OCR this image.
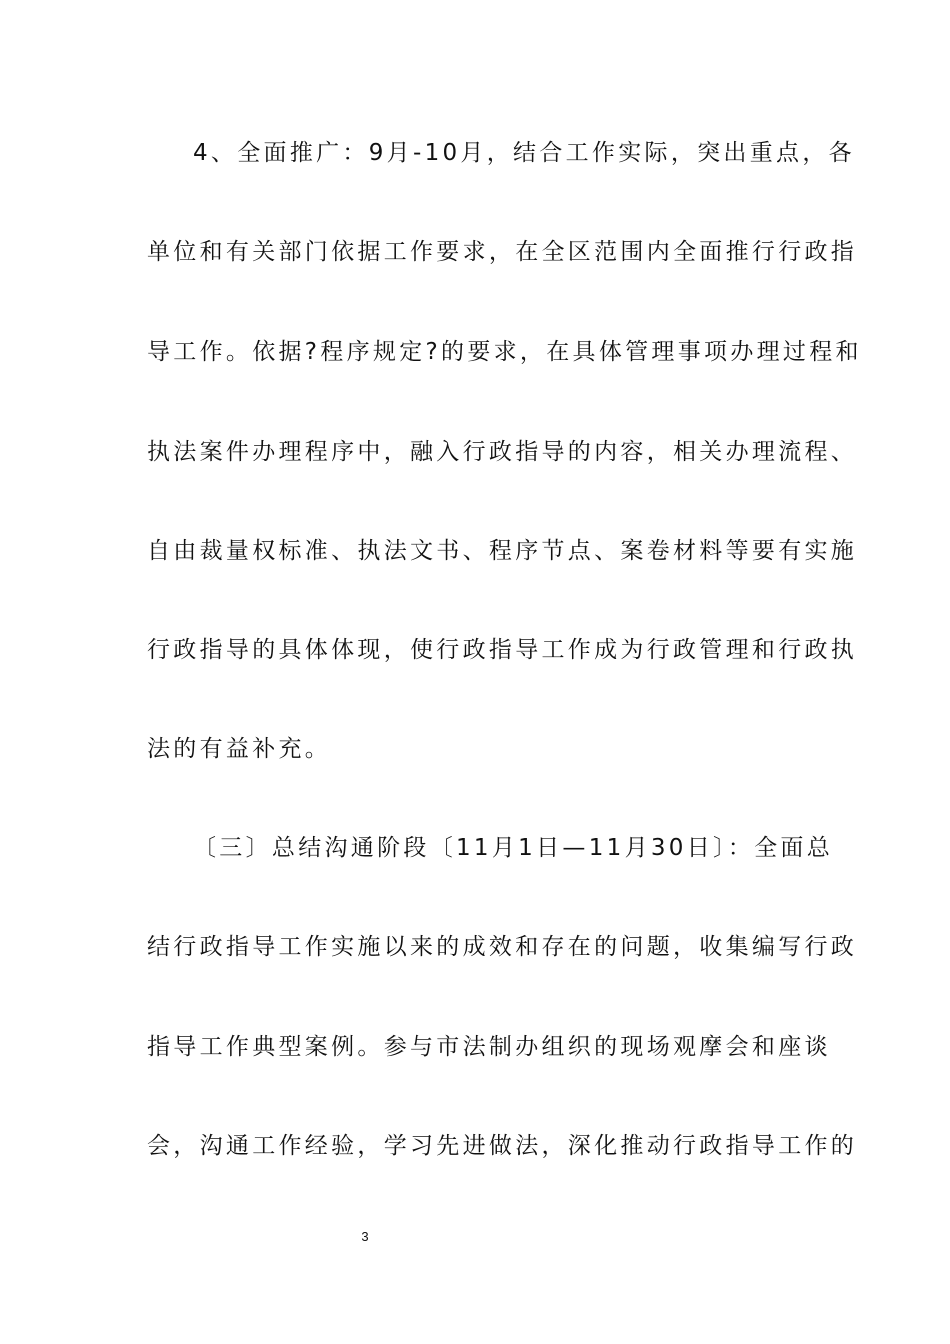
4、全面推广：9月-10月，结合工作实际，突出重点，各
单位和有关部门依据工作要求，在全区范围内全面推行行政指
导工作。依据?程序规定?的要求，在具体管理事项办理过程和
执法案件办理程序中，融入行政指导的内容，相关办理流程、
自由裁量权标准、执法文书、程序节点、案卷材料等要有实施
行政指导的具体体现，使行政指导工作成为行政管理和行政执
法的有益补充。
〔三〕总结沟通阶段〔11月1日—11月30日〕：全面总
结行政指导工作实施以来的成效和存在的问题，收集编写行政
指导工作典型案例。参与市法制办组织的现场观摩会和座谈
会，沟通工作经验，学习先进做法，深化推动行政指导工作的
3
